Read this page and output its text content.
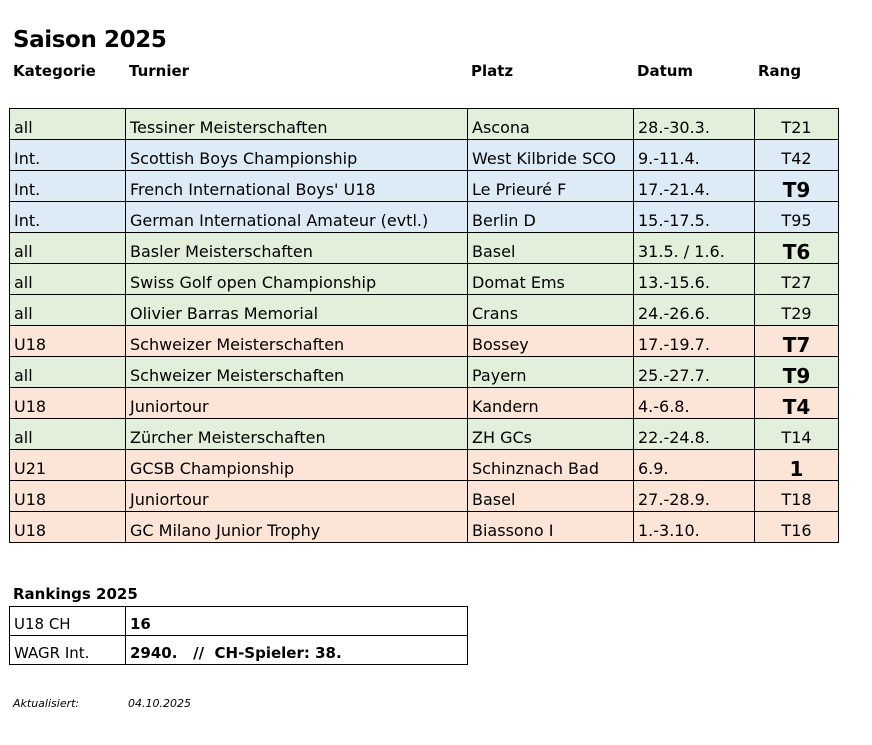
Saison 2025
Kategorie Turnier	Platz	Datum	Rang
all	Tessiner Meisterschaften	Ascona	28.-30.3.	T21
Int.	Scottish Boys Championship	West Kilbride SCO	9.-11.4.	T42
Int.	French International Boys' U18	Le Prieuré F	17.-21.4.	T9
Int.	German International Amateur (evtl.)	Berlin D	15.-17.5.	T95
all	Basler Meisterschaften	Basel	31.5. / 1.6.	T6
all	Swiss Golf open Championship	Domat Ems	13.-15.6.	T27
all	Olivier Barras Memorial	Crans	24.-26.6.	T29
U18	Schweizer Meisterschaften	Bossey	17.-19.7.	T7
all	Schweizer Meisterschaften	Payern	25.-27.7.	T9
U18	Juniortour	Kandern	4.-6.8.	T4
all	Zürcher Meisterschaften	ZH GCs	22.-24.8.	T14
U21	GCSB Championship	Schinznach Bad	6.9.	1
U18	Juniortour	Basel	27.-28.9.	T18
U18	GC Milano Junior Trophy	Biassono I	1.-3.10.	T16
Rankings 2025
U18 CH	16
WAGR Int.	2940.   //  CH-Spieler: 38.
Aktualisiert:	04.10.2025
